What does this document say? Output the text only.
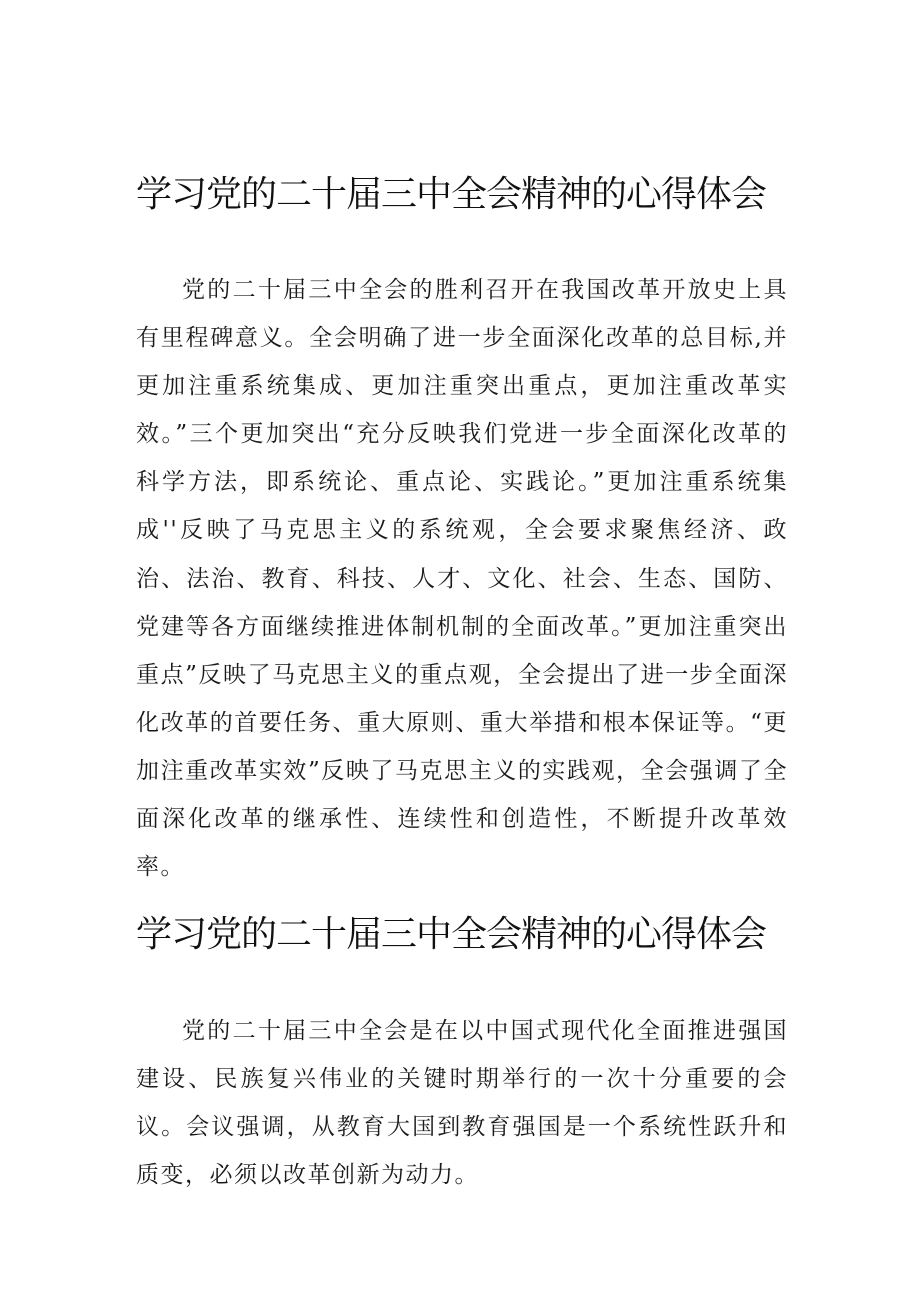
学习党的二十届三中全会精神的心得体会

党的二十届三中全会的胜利召开在我国改革开放史上具有里程碑意义。全会明确了进一步全面深化改革的总目标,并更加注重系统集成、更加注重突出重点，更加注重改革实效。”三个更加突出“充分反映我们党进一步全面深化改革的科学方法，即系统论、重点论、实践论。”更加注重系统集成''反映了马克思主义的系统观，全会要求聚焦经济、政治、法治、教育、科技、人才、文化、社会、生态、国防、党建等各方面继续推进体制机制的全面改革。”更加注重突出重点”反映了马克思主义的重点观，全会提出了进一步全面深化改革的首要任务、重大原则、重大举措和根本保证等。“更加注重改革实效”反映了马克思主义的实践观，全会强调了全面深化改革的继承性、连续性和创造性，不断提升改革效率。

学习党的二十届三中全会精神的心得体会

党的二十届三中全会是在以中国式现代化全面推进强国建设、民族复兴伟业的关键时期举行的一次十分重要的会议。会议强调，从教育大国到教育强国是一个系统性跃升和质变，必须以改革创新为动力。
